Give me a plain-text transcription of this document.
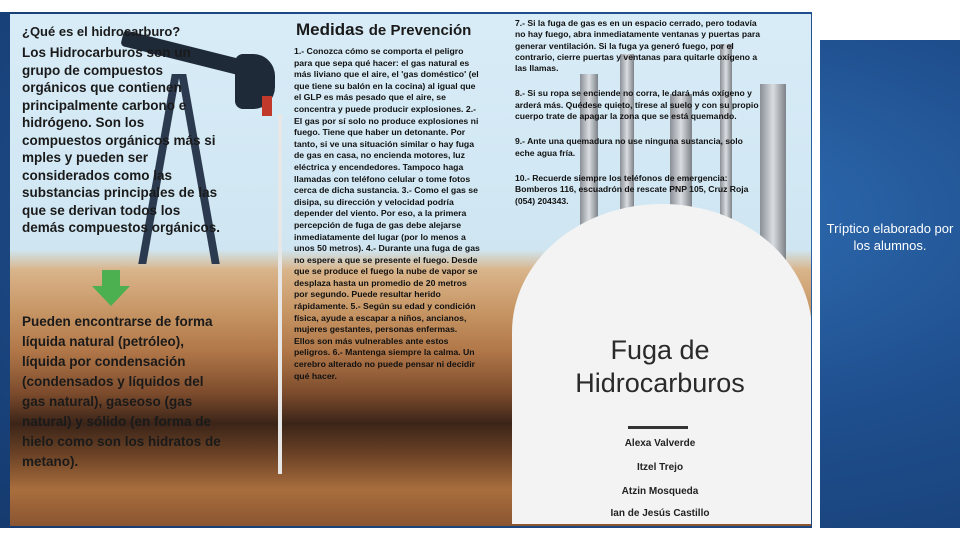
¿Qué es el hidrocarburo?
Los Hidrocarburos son un grupo de compuestos orgánicos que contienen principalmente carbono e hidrógeno. Son los compuestos orgánicos más si mples y pueden ser considerados como las substancias principales de las que se derivan todos los demás compuestos orgánicos.
Pueden encontrarse de forma líquida natural (petróleo), líquida por condensación (condensados y líquidos del gas natural), gaseoso (gas natural) y sólido (en forma de hielo como son los hidratos de metano).
Medidas de Prevención
1.- Conozca cómo se comporta el peligro para que sepa qué hacer: el gas natural es más liviano que el aire, el 'gas doméstico' (el que tiene su balón en la cocina) al igual que el GLP es más pesado que el aire, se concentra y puede producir explosiones. 2.- El gas por sí solo no produce explosiones ni fuego. Tiene que haber un detonante. Por tanto, si ve una situación similar o hay fuga de gas en casa, no encienda motores, luz eléctrica y encendedores. Tampoco haga llamadas con teléfono celular o tome fotos cerca de dicha sustancia. 3.- Como el gas se disipa, su dirección y velocidad podría depender del viento. Por eso, a la primera percepción de fuga de gas debe alejarse inmediatamente del lugar (por lo menos a unos 50 metros). 4.- Durante una fuga de gas no espere a que se presente el fuego. Desde que se produce el fuego la nube de vapor se desplaza hasta un promedio de 20 metros por segundo. Puede resultar herido rápidamente. 5.- Según su edad y condición física, ayude a escapar a niños, ancianos, mujeres gestantes, personas enfermas. Ellos son más vulnerables ante estos peligros. 6.- Mantenga siempre la calma. Un cerebro alterado no puede pensar ni decidir qué hacer.
7.- Si la fuga de gas es en un espacio cerrado, pero todavía no hay fuego, abra inmediatamente ventanas y puertas para generar ventilación. Si la fuga ya generó fuego, por el contrario, cierre puertas y ventanas para quitarle oxígeno a las llamas.
8.- Si su ropa se enciende no corra, le dará más oxígeno y arderá más. Quédese quieto, tírese al suelo y con su propio cuerpo trate de apagar la zona que se está quemando.
9.- Ante una quemadura no use ninguna sustancia, solo eche agua fría.
10.- Recuerde siempre los teléfonos de emergencia: Bomberos 116, escuadrón de rescate PNP 105, Cruz Roja (054) 204343.
Fuga de
Hidrocarburos
Alexa Valverde
Itzel Trejo
Atzin Mosqueda
Ian de Jesús Castillo
Tríptico elaborado por los alumnos.
